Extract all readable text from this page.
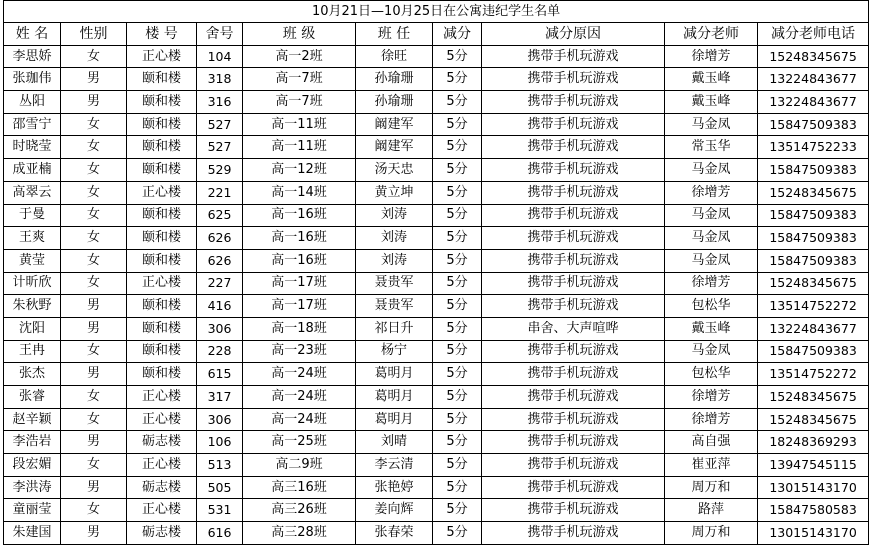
10月21日—10月25日在公寓违纪学生名单									
姓 名	性别	楼 号	舍号	班 级	班 任	减分	减分原因	减分老师	减分老师电话
李思娇	女	正心楼	104	高一2班	徐旺	5分	携带手机玩游戏	徐增芳	15248345675
张珈伟	男	颐和楼	318	高一7班	孙瑜珊	5分	携带手机玩游戏	戴玉峰	13224843677
丛阳	男	颐和楼	316	高一7班	孙瑜珊	5分	携带手机玩游戏	戴玉峰	13224843677
邵雪宁	女	颐和楼	527	高一11班	阚建军	5分	携带手机玩游戏	马金凤	15847509383
时晓莹	女	颐和楼	527	高一11班	阚建军	5分	携带手机玩游戏	常玉华	13514752233
成亚楠	女	颐和楼	529	高一12班	汤天忠	5分	携带手机玩游戏	马金凤	15847509383
高翠云	女	正心楼	221	高一14班	黄立坤	5分	携带手机玩游戏	徐增芳	15248345675
于曼	女	颐和楼	625	高一16班	刘涛	5分	携带手机玩游戏	马金凤	15847509383
王爽	女	颐和楼	626	高一16班	刘涛	5分	携带手机玩游戏	马金凤	15847509383
黄莹	女	颐和楼	626	高一16班	刘涛	5分	携带手机玩游戏	马金凤	15847509383
计昕欣	女	正心楼	227	高一17班	聂贵军	5分	携带手机玩游戏	徐增芳	15248345675
朱秋野	男	颐和楼	416	高一17班	聂贵军	5分	携带手机玩游戏	包松华	13514752272
沈阳	男	颐和楼	306	高一18班	祁日升	5分	串舍、大声喧哗	戴玉峰	13224843677
王冉	女	颐和楼	228	高一23班	杨宁	5分	携带手机玩游戏	马金凤	15847509383
张杰	男	颐和楼	615	高一24班	葛明月	5分	携带手机玩游戏	包松华	13514752272
张睿	女	正心楼	317	高一24班	葛明月	5分	携带手机玩游戏	徐增芳	15248345675
赵辛颖	女	正心楼	306	高一24班	葛明月	5分	携带手机玩游戏	徐增芳	15248345675
李浩岩	男	砺志楼	106	高一25班	刘晴	5分	携带手机玩游戏	高自强	18248369293
段宏媚	女	正心楼	513	高二9班	李云清	5分	携带手机玩游戏	崔亚萍	13947545115
李洪涛	男	砺志楼	505	高三16班	张艳婷	5分	携带手机玩游戏	周万和	13015143170
童丽莹	女	正心楼	531	高三26班	姜向辉	5分	携带手机玩游戏	路萍	15847580583
朱建国	男	砺志楼	616	高三28班	张春荣	5分	携带手机玩游戏	周万和	13015143170
